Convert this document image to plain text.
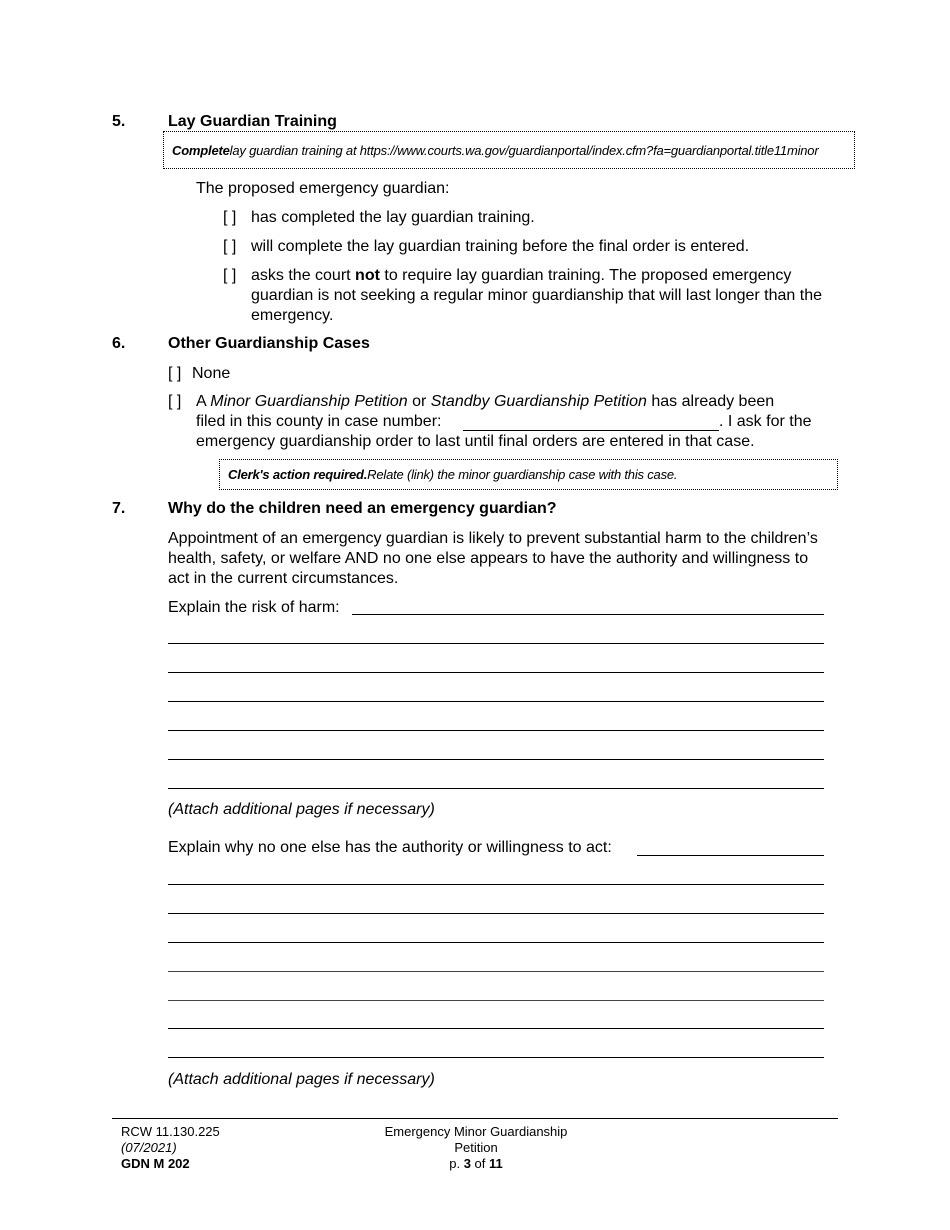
5.	Lay Guardian Training
Complete lay guardian training at https://www.courts.wa.gov/guardianportal/index.cfm?fa=guardianportal.title11minor
The proposed emergency guardian:
[ ] has completed the lay guardian training.
[ ] will complete the lay guardian training before the final order is entered.
[ ] asks the court not to require lay guardian training. The proposed emergency guardian is not seeking a regular minor guardianship that will last longer than the emergency.
6.	Other Guardianship Cases
[ ] None
[ ] A Minor Guardianship Petition or Standby Guardianship Petition has already been
filed in this county in case number:	. I ask for the
emergency guardianship order to last until final orders are entered in that case.
Clerk's action required. Relate (link) the minor guardianship case with this case.
7.	Why do the children need an emergency guardian?
Appointment of an emergency guardian is likely to prevent substantial harm to the children’s health, safety, or welfare AND no one else appears to have the authority and willingness to act in the current circumstances.
Explain the risk of harm:
(Attach additional pages if necessary)
Explain why no one else has the authority or willingness to act:
(Attach additional pages if necessary)
RCW 11.130.225
(07/2021)
GDN M 202
Emergency Minor Guardianship
Petition
p. 3 of 11
